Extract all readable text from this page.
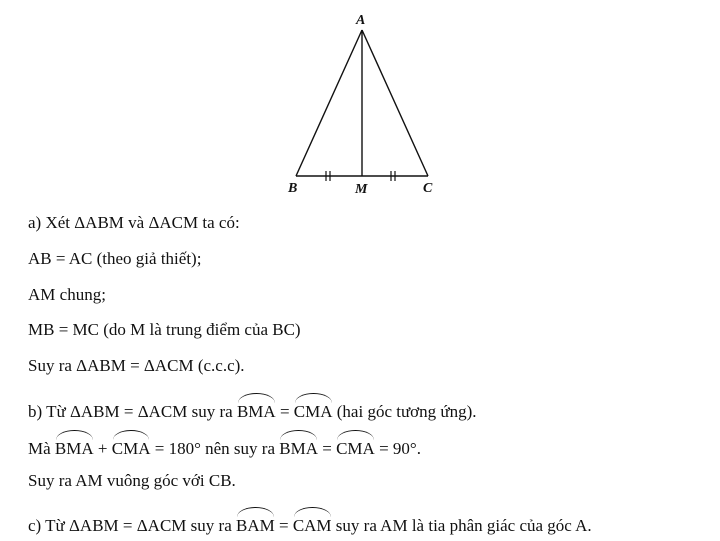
A
B	M	C
a) Xét ΔABM và ΔACM ta có:
AB = AC (theo giả thiết);
AM chung;
MB = MC (do M là trung điểm của BC)
Suy ra ΔABM = ΔACM (c.c.c).
b) Từ ΔABM = ΔACM suy ra BMA = CMA (hai góc tương ứng).
Mà BMA + CMA = 180° nên suy ra BMA = CMA = 90°.
Suy ra AM vuông góc với CB.
c) Từ ΔABM = ΔACM suy ra BAM = CAM suy ra AM là tia phân giác của góc A.
